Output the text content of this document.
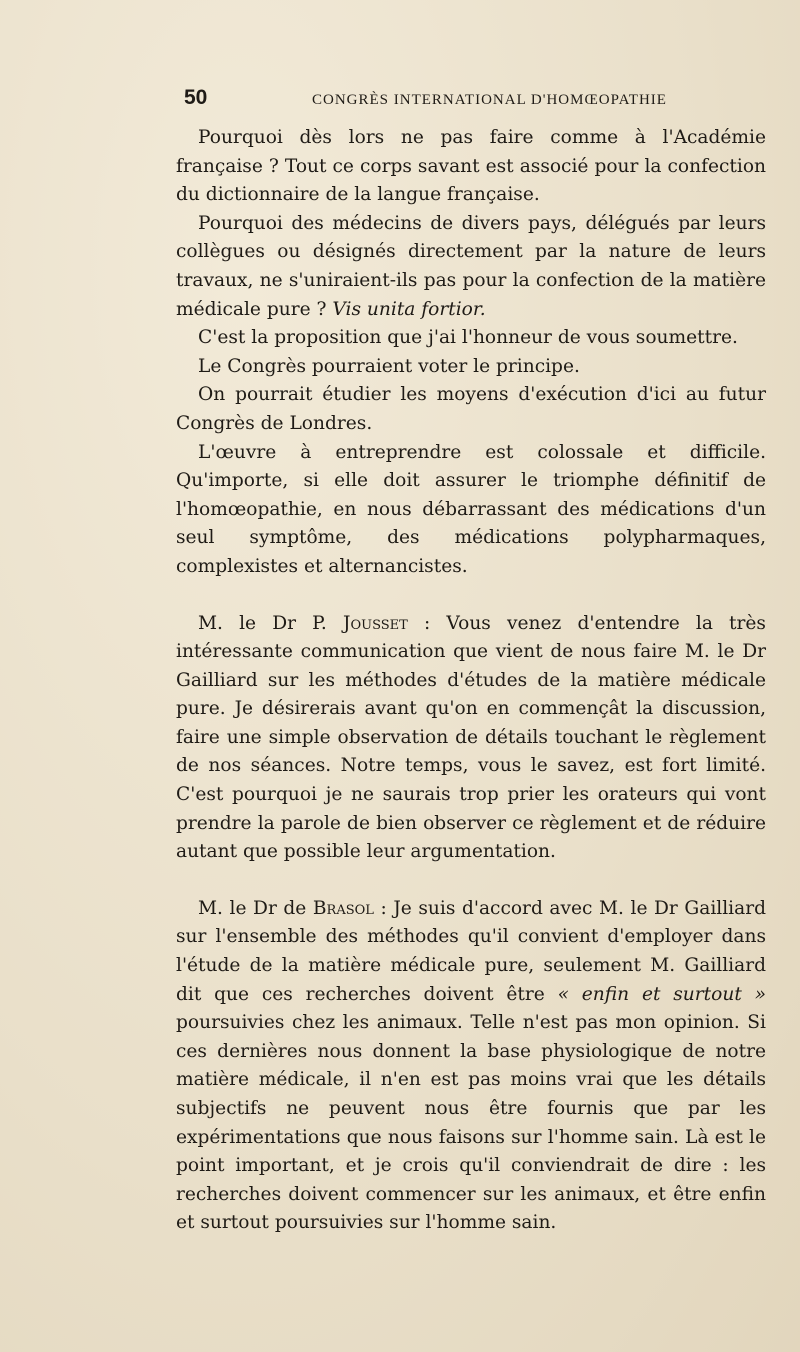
50	CONGRÈS INTERNATIONAL D'HOMŒOPATHIE

Pourquoi dès lors ne pas faire comme à l'Académie française ? Tout ce corps savant est associé pour la confection du dictionnaire de la langue française.

Pourquoi des médecins de divers pays, délégués par leurs collègues ou désignés directement par la nature de leurs travaux, ne s'uniraient-ils pas pour la confection de la matière médicale pure ? Vis unita fortior.

C'est la proposition que j'ai l'honneur de vous soumettre.

Le Congrès pourraient voter le principe.

On pourrait étudier les moyens d'exécution d'ici au futur Congrès de Londres.

L'œuvre à entreprendre est colossale et difficile. Qu'importe, si elle doit assurer le triomphe définitif de l'homœopathie, en nous débarrassant des médications d'un seul symptôme, des médications polypharmaques, complexistes et alternancistes.

M. le Dr P. Jousset : Vous venez d'entendre la très intéressante communication que vient de nous faire M. le Dr Gailliard sur les méthodes d'études de la matière médicale pure. Je désirerais avant qu'on en commençât la discussion, faire une simple observation de détails touchant le règlement de nos séances. Notre temps, vous le savez, est fort limité. C'est pourquoi je ne saurais trop prier les orateurs qui vont prendre la parole de bien observer ce règlement et de réduire autant que possible leur argumentation.

M. le Dr de Brasol : Je suis d'accord avec M. le Dr Gailliard sur l'ensemble des méthodes qu'il convient d'employer dans l'étude de la matière médicale pure, seulement M. Gailliard dit que ces recherches doivent être « enfin et surtout » poursuivies chez les animaux. Telle n'est pas mon opinion. Si ces dernières nous donnent la base physiologique de notre matière médicale, il n'en est pas moins vrai que les détails subjectifs ne peuvent nous être fournis que par les expérimentations que nous faisons sur l'homme sain. Là est le point important, et je crois qu'il conviendrait de dire : les recherches doivent commencer sur les animaux, et être enfin et surtout poursuivies sur l'homme sain.
